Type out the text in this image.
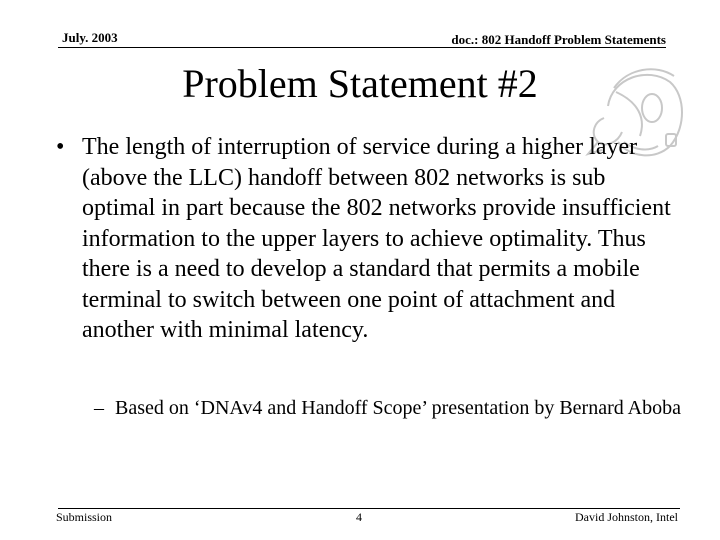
July. 2003	doc.: 802 Handoff Problem Statements
Problem Statement #2
• The length of interruption of service during a higher layer (above the LLC) handoff between 802 networks is sub optimal in part because the 802 networks provide insufficient information to the upper layers to achieve optimality. Thus there is a need to develop a standard that permits a mobile terminal to switch between one point of attachment and another with minimal latency.
– Based on ‘DNAv4 and Handoff Scope’ presentation by Bernard Aboba
Submission	4	David Johnston, Intel
